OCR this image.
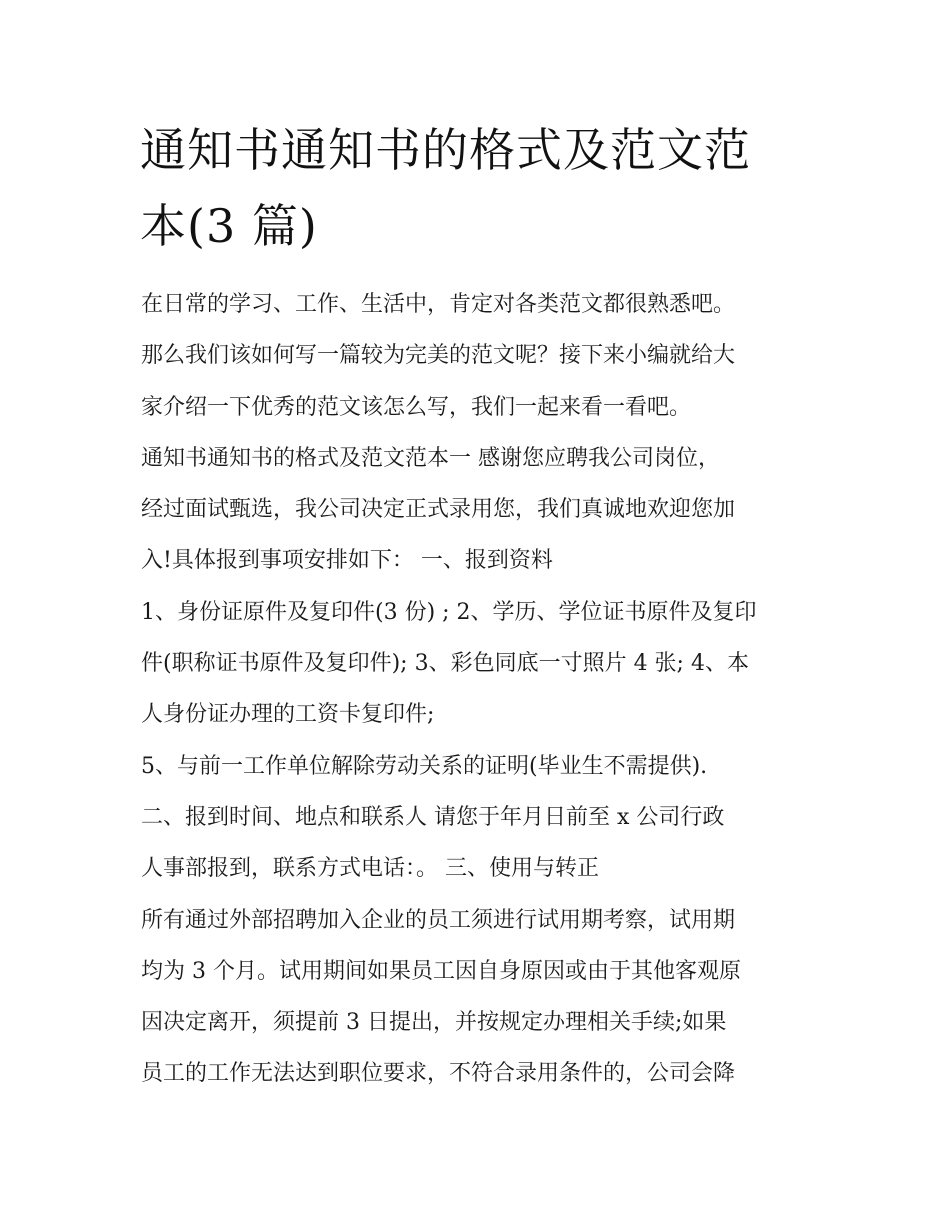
通知书通知书的格式及范文范
本(3 篇)
在日常的学习、工作、生活中，肯定对各类范文都很熟悉吧。
那么我们该如何写一篇较为完美的范文呢？接下来小编就给大
家介绍一下优秀的范文该怎么写，我们一起来看一看吧。
通知书通知书的格式及范文范本一 感谢您应聘我公司岗位，
经过面试甄选，我公司决定正式录用您，我们真诚地欢迎您加
入!具体报到事项安排如下： 一、报到资料
1、身份证原件及复印件(3 份) ; 2、学历、学位证书原件及复印
件(职称证书原件及复印件); 3、彩色同底一寸照片 4 张; 4、本
人身份证办理的工资卡复印件;
5、与前一工作单位解除劳动关系的证明(毕业生不需提供).
二、报到时间、地点和联系人 请您于年月日前至 x 公司行政
人事部报到，联系方式电话：。 三、使用与转正
所有通过外部招聘加入企业的员工须进行试用期考察，试用期
均为 3 个月。试用期间如果员工因自身原因或由于其他客观原
因决定离开，须提前 3 日提出，并按规定办理相关手续;如果
员工的工作无法达到职位要求，不符合录用条件的，公司会降
